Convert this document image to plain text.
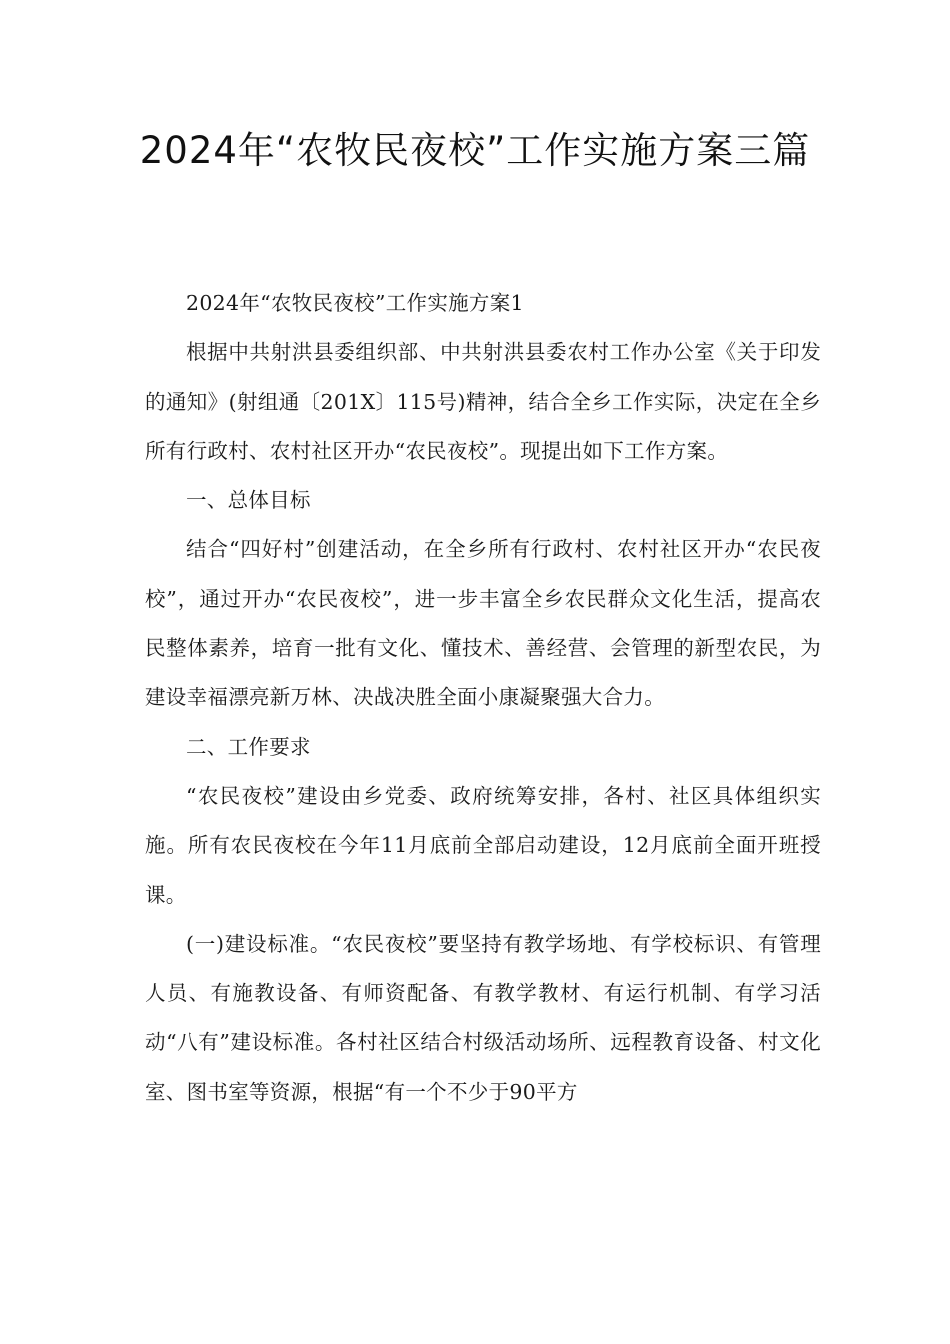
2024年“农牧民夜校”工作实施方案三篇

2024年“农牧民夜校”工作实施方案1

根据中共射洪县委组织部、中共射洪县委农村工作办公室《关于印发的通知》(射组通〔201X〕115号)精神，结合全乡工作实际，决定在全乡所有行政村、农村社区开办“农民夜校”。现提出如下工作方案。

一、总体目标

结合“四好村”创建活动，在全乡所有行政村、农村社区开办“农民夜校”，通过开办“农民夜校”，进一步丰富全乡农民群众文化生活，提高农民整体素养，培育一批有文化、懂技术、善经营、会管理的新型农民，为建设幸福漂亮新万林、决战决胜全面小康凝聚强大合力。

二、工作要求

“农民夜校”建设由乡党委、政府统筹安排，各村、社区具体组织实施。所有农民夜校在今年11月底前全部启动建设，12月底前全面开班授课。

(一)建设标准。“农民夜校”要坚持有教学场地、有学校标识、有管理人员、有施教设备、有师资配备、有教学教材、有运行机制、有学习活动“八有”建设标准。各村社区结合村级活动场所、远程教育设备、村文化室、图书室等资源，根据“有一个不少于90平方
